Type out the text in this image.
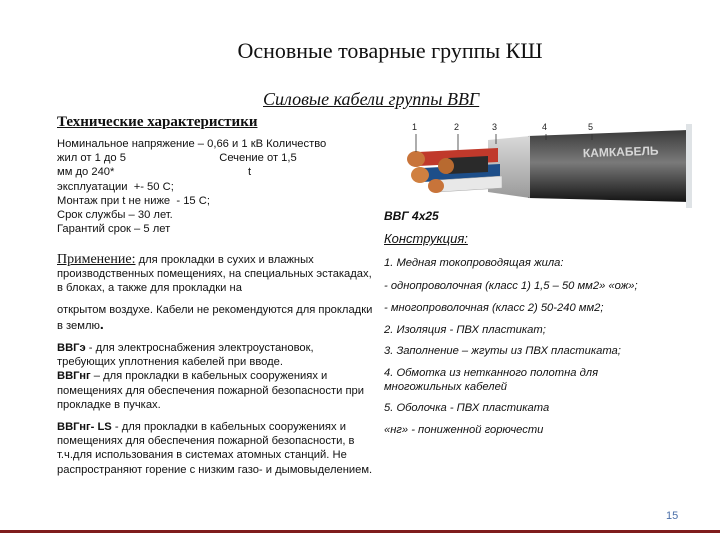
Основные товарные группы КШ
Силовые кабели группы ВВГ
Технические характеристики
Номинальное напряжение – 0,66 и 1 кВ Количество
жил от 1 до 5                              Сечение от 1,5
мм до 240*                                           t
эксплуатации  +- 50 С;
Монтаж при t не ниже  - 15 С;
Срок службы – 30 лет.
Гарантий срок – 5 лет
Применение: для прокладки в сухих и влажных производственных помещениях, на специальных эстакадах, в блоках, а также для прокладки на
открытом воздухе. Кабели не рекомендуются для прокладки в землю.
ВВГэ - для электроснабжения электроустановок, требующих уплотнения кабелей при вводе.
ВВГнг – для прокладки в кабельных сооружениях и помещениях для обеспечения пожарной безопасности при прокладке в пучках.
ВВГнг- LS - для прокладки в кабельных сооружениях и помещениях для обеспечения пожарной безопасности, в т.ч.для использования в системах атомных станций. Не распространяют горение с низким газо- и дымовыделением.
КАМКАБЕЛЬ
1	2	3	4	5
ВВГ 4х25
Конструкция:
1. Медная токопроводящая жила:
- однопроволочная (класс 1) 1,5 – 50 мм2» «ож»;
- многопроволочная (класс 2) 50-240 мм2;
2. Изоляция - ПВХ пластикат;
3. Заполнение – жгуты из ПВХ пластиката;
4. Обмотка из нетканного полотна для многожильных кабелей
5. Оболочка - ПВХ пластиката
«нг» - пониженной горючести
15
